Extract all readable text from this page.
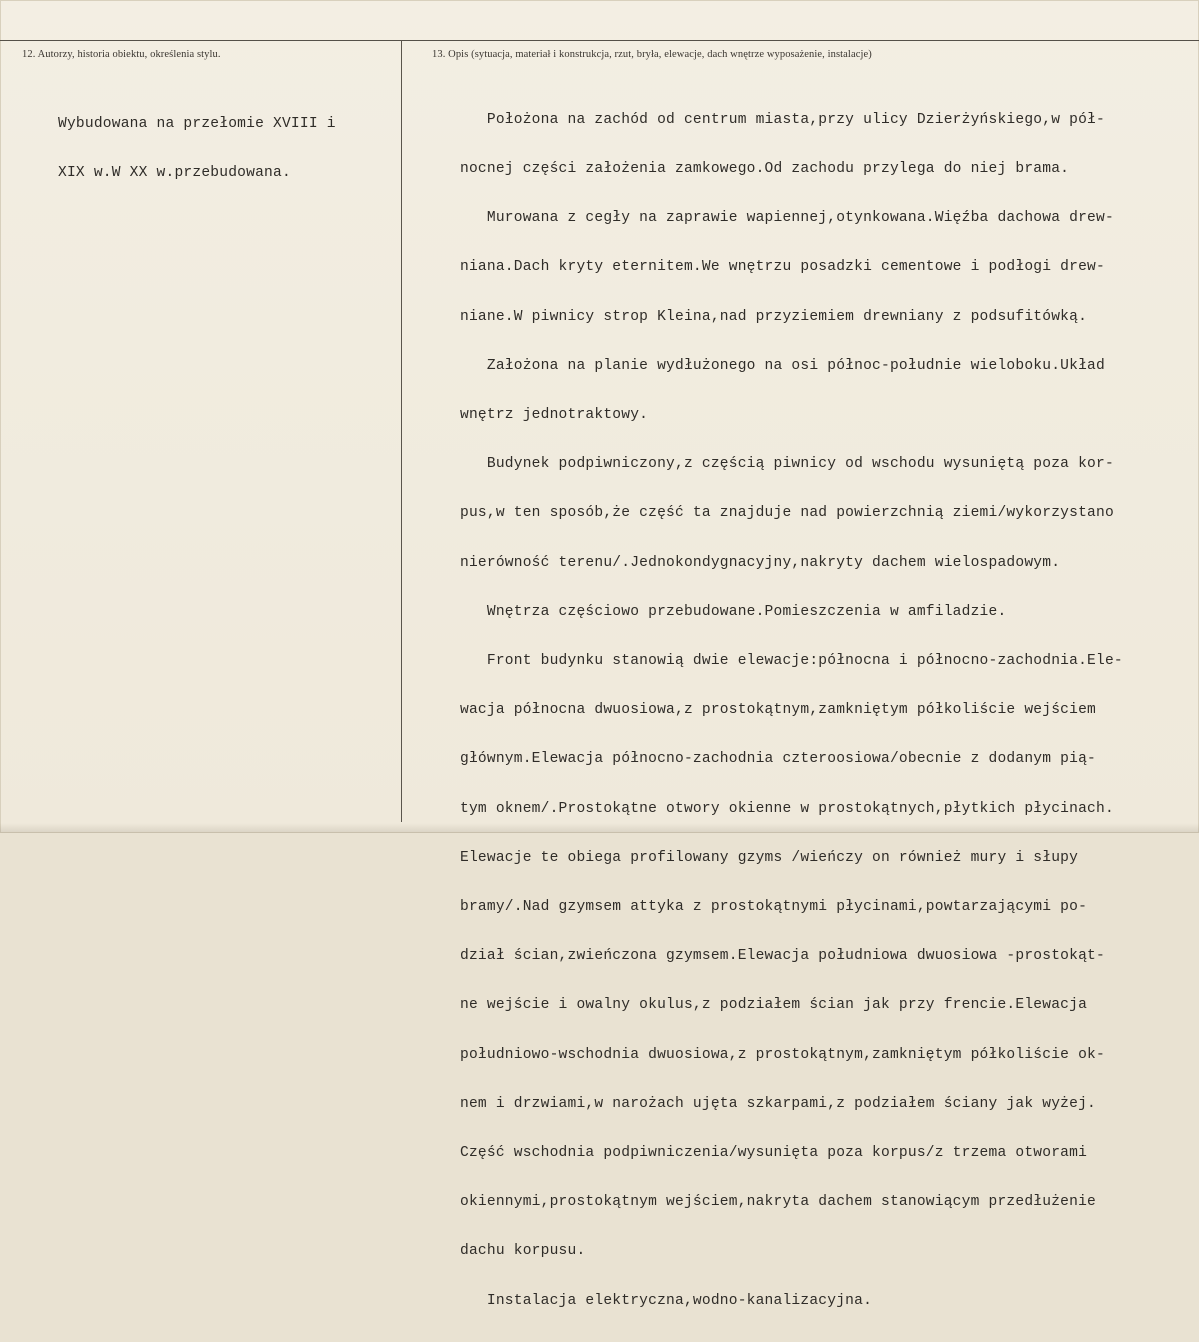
12. Autorzy, historia obiektu, określenia stylu.	13. Opis (sytuacja, materiał i konstrukcja, rzut, bryła, elewacje, dach wnętrze wyposażenie, instalacje)

Wybudowana na przełomie XVIII i

XIX w.W XX w.przebudowana.

Położona na zachód od centrum miasta,przy ulicy Dzierżyńskiego,w pół-

nocnej części założenia zamkowego.Od zachodu przylega do niej brama.

Murowana z cegły na zaprawie wapiennej,otynkowana.Więźba dachowa drew-

niana.Dach kryty eternitem.We wnętrzu posadzki cementowe i podłogi drew-

niane.W piwnicy strop Kleina,nad przyziemiem drewniany z podsufitówką.

Założona na planie wydłużonego na osi północ-południe wieloboku.Układ

wnętrz jednotraktowy.

Budynek podpiwniczony,z częścią piwnicy od wschodu wysuniętą poza kor-

pus,w ten sposób,że część ta znajduje nad powierzchnią ziemi/wykorzystano

nierówność terenu/.Jednokondygnacyjny,nakryty dachem wielospadowym.

Wnętrza częściowo przebudowane.Pomieszczenia w amfiladzie.

Front budynku stanowią dwie elewacje:północna i północno-zachodnia.Ele-

wacja północna dwuosiowa,z prostokątnym,zamkniętym półkoliście wejściem

głównym.Elewacja północno-zachodnia czteroosiowa/obecnie z dodanym pią-

tym oknem/.Prostokątne otwory okienne w prostokątnych,płytkich płycinach.

Elewacje te obiega profilowany gzyms /wieńczy on również mury i słupy

bramy/.Nad gzymsem attyka z prostokątnymi płycinami,powtarzającymi po-

dział ścian,zwieńczona gzymsem.Elewacja południowa dwuosiowa -prostokąt-

ne wejście i owalny okulus,z podziałem ścian jak przy frencie.Elewacja

południowo-wschodnia dwuosiowa,z prostokątnym,zamkniętym półkoliście ok-

nem i drzwiami,w narożach ujęta szkarpami,z podziałem ściany jak wyżej.

Część wschodnia podpiwniczenia/wysunięta poza korpus/z trzema otworami

okiennymi,prostokątnym wejściem,nakryta dachem stanowiącym przedłużenie

dachu korpusu.

Instalacja elektryczna,wodno-kanalizacyjna.
